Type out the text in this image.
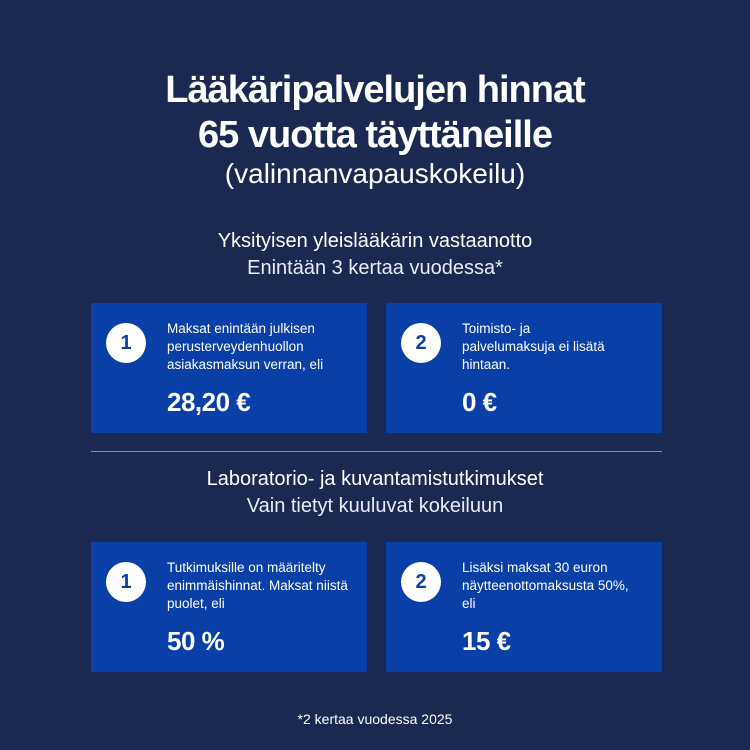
Lääkäripalvelujen hinnat
65 vuotta täyttäneille
(valinnanvapauskokeilu)
Yksityisen yleislääkärin vastaanotto
Enintään 3 kertaa vuodessa*
1
Maksat enintään julkisen perusterveydenhuollon asiakasmaksun verran, eli
28,20 €
2
Toimisto- ja palvelumaksuja ei lisätä hintaan.
0 €
Laboratorio- ja kuvantamistutkimukset
Vain tietyt kuuluvat kokeiluun
1
Tutkimuksille on määritelty enimmäishinnat. Maksat niistä puolet, eli
50 %
2
Lisäksi maksat 30 euron näytteenottomaksusta 50%, eli
15 €
*2 kertaa vuodessa 2025
